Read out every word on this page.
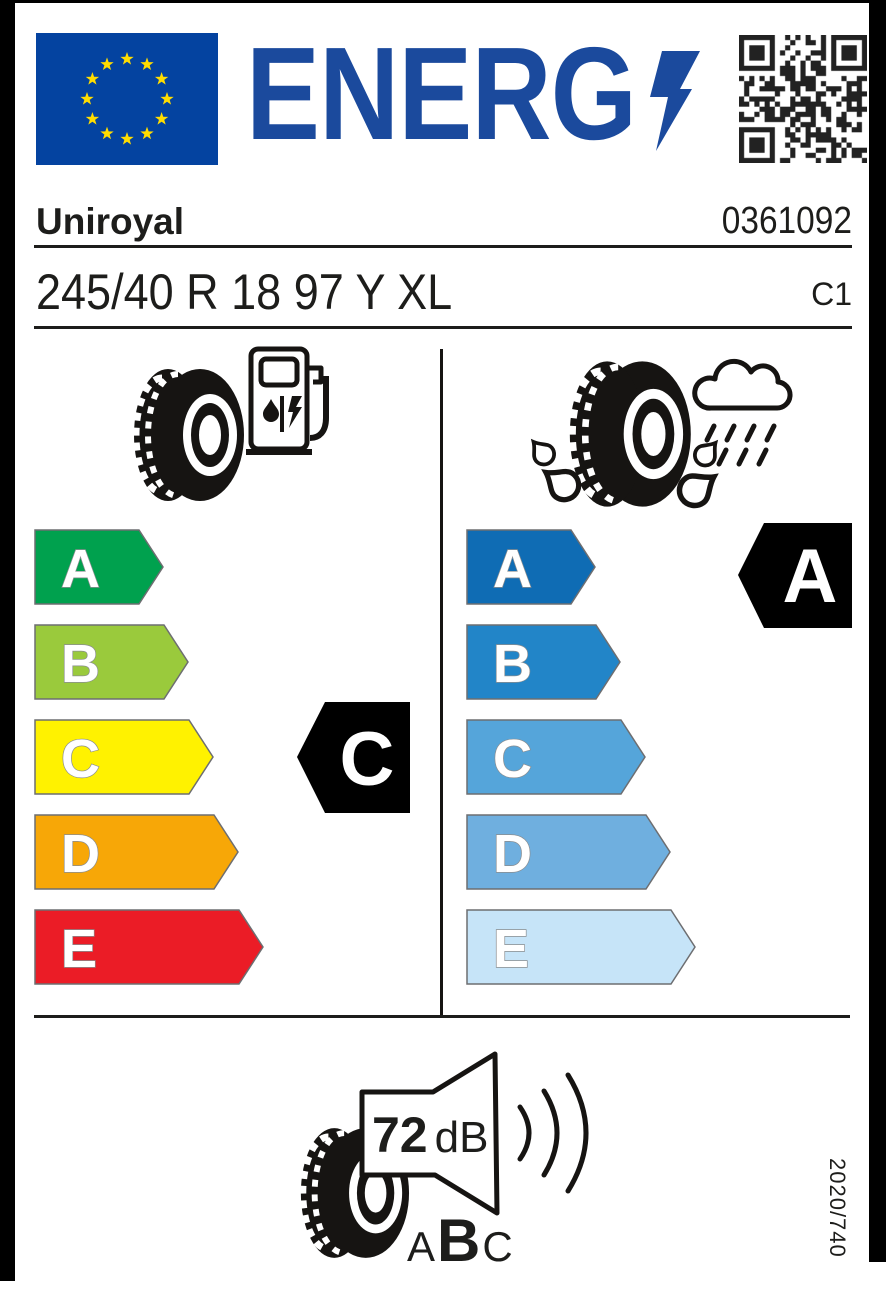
ENERG
Uniroyal	0361092
245/40 R 18 97 Y XL	C1
A
B
C
D
E
C
A
B
C
D
E
A
72 dB
A B C	2020/740
